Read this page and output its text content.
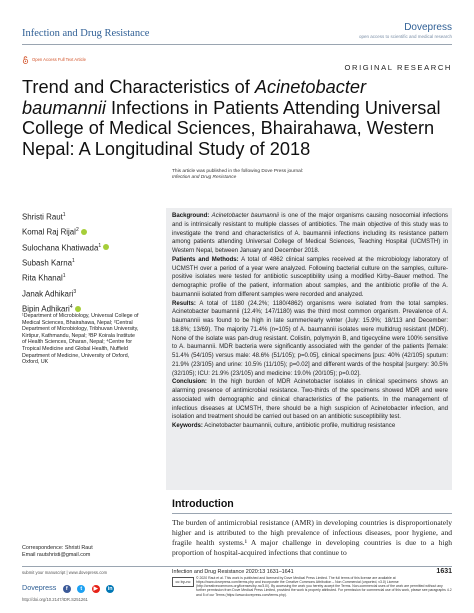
Infection and Drug Resistance
Dovepress
open access to scientific and medical research
Open Access Full Text Article
ORIGINAL RESEARCH
Trend and Characteristics of Acinetobacter baumannii Infections in Patients Attending Universal College of Medical Sciences, Bhairahawa, Western Nepal: A Longitudinal Study of 2018
This article was published in the following Dove Press journal:
Infection and Drug Resistance
Shristi Raut$^1$
Komal Raj Rijal$^2$
Sulochana Khatiwada$^1$
Subash Karna$^1$
Rita Khanal$^1$
Janak Adhikari$^3$
Bipin Adhikari$^4$
¹Department of Microbiology, Universal College of Medical Sciences, Bhairahawa, Nepal; ²Central Department of Microbiology, Tribhuvan University, Kirtipur, Kathmandu, Nepal; ³BP Koirala Institute of Health Sciences, Dharan, Nepal; ⁴Centre for Tropical Medicine and Global Health, Nuffield Department of Medicine, University of Oxford, Oxford, UK

Background: Acinetobacter baumannii is one of the major organisms causing nosocomial infections and is intrinsically resistant to multiple classes of antibiotics. The main objective of this study was to investigate the trend and characteristics of A. baumannii infections including its resistance pattern among patients attending Universal College of Medical Sciences, Teaching Hospital (UCMSTH) in Western Nepal, between January and December 2018.

Patients and Methods: A total of 4862 clinical samples received at the microbiology laboratory of UCMSTH over a period of a year were analyzed. Following bacterial culture on the samples, culture-positive isolates were tested for antibiotic susceptibility using a modified Kirby–Bauer method. The demographic profile of the patient, information about samples, and the antibiotic profile of the A. baumannii isolated from different samples were recorded and analyzed.

Results: A total of 1180 (24.2%; 1180/4862) organisms were isolated from the total samples. Acinetobacter baumannii (12.4%; 147/1180) was the third most common organism. Prevalence of A. baumannii was found to be high in late summer/early winter (July: 15.9%; 18/113 and December: 18.8%; 13/69). The majority 71.4% (n=105) of A. baumannii isolates were multidrug resistant (MDR). None of the isolate was pan-drug resistant. Colistin, polymyxin B, and tigecycline were 100% sensitive to A. baumannii. MDR bacteria were significantly associated with the gender of the patients [female: 51.4% (54/105) versus male: 48.6% (51/105); p=0.05], clinical specimens [pus: 40% (42/105) sputum: 21.9% (23/105) and urine: 10.5% (11/105); p=0.02] and different wards of the hospital [surgery: 30.5% (32/105); ICU: 21.9% (23/105) and medicine: 19.0% (20/105); p=0.02].

Conclusion: In the high burden of MDR Acinetobacter isolates in clinical specimens shows an alarming presence of antimicrobial resistance. Two-thirds of the specimens showed MDR and were associated with demographic and clinical characteristics of the patients. In the management of infectious diseases at UCMSTH, there should be a high suspicion of Acinetobacter infection, and isolation and treatment should be carried out based on an antibiotic susceptibility test.

Keywords: Acinetobacter baumannii, culture, antibiotic profile, multidrug resistance

Introduction
The burden of antimicrobial resistance (AMR) in developing countries is disproportionately higher and is attributed to the high prevalence of infectious diseases, poor hygiene, and fragile health systems.¹ A major challenge in developing countries is due to a high proportion of hospital-acquired infections that continue to
Correspondence: Shristi Raut
Email rautshristi@gmail.com
submit your manuscript | www.dovepress.com
Dovepress f t ▶ in
http://doi.org/10.2147/IDR.S251261
Infection and Drug Resistance 2020:13 1631–1641	1631
cc by-nc
© 2020 Raut et al. This work is published and licensed by Dove Medical Press Limited. The full terms of this license are available at https://www.dovepress.com/terms.php and incorporate the Creative Commons Attribution – Non Commercial (unported, v3.0) License (http://creativecommons.org/licenses/by-nc/3.0/). By accessing the work you hereby accept the Terms. Non-commercial uses of the work are permitted without any further permission from Dove Medical Press Limited, provided the work is properly attributed. For permission for commercial use of this work, please see paragraphs 4.2 and 5 of our Terms (https://www.dovepress.com/terms.php).
